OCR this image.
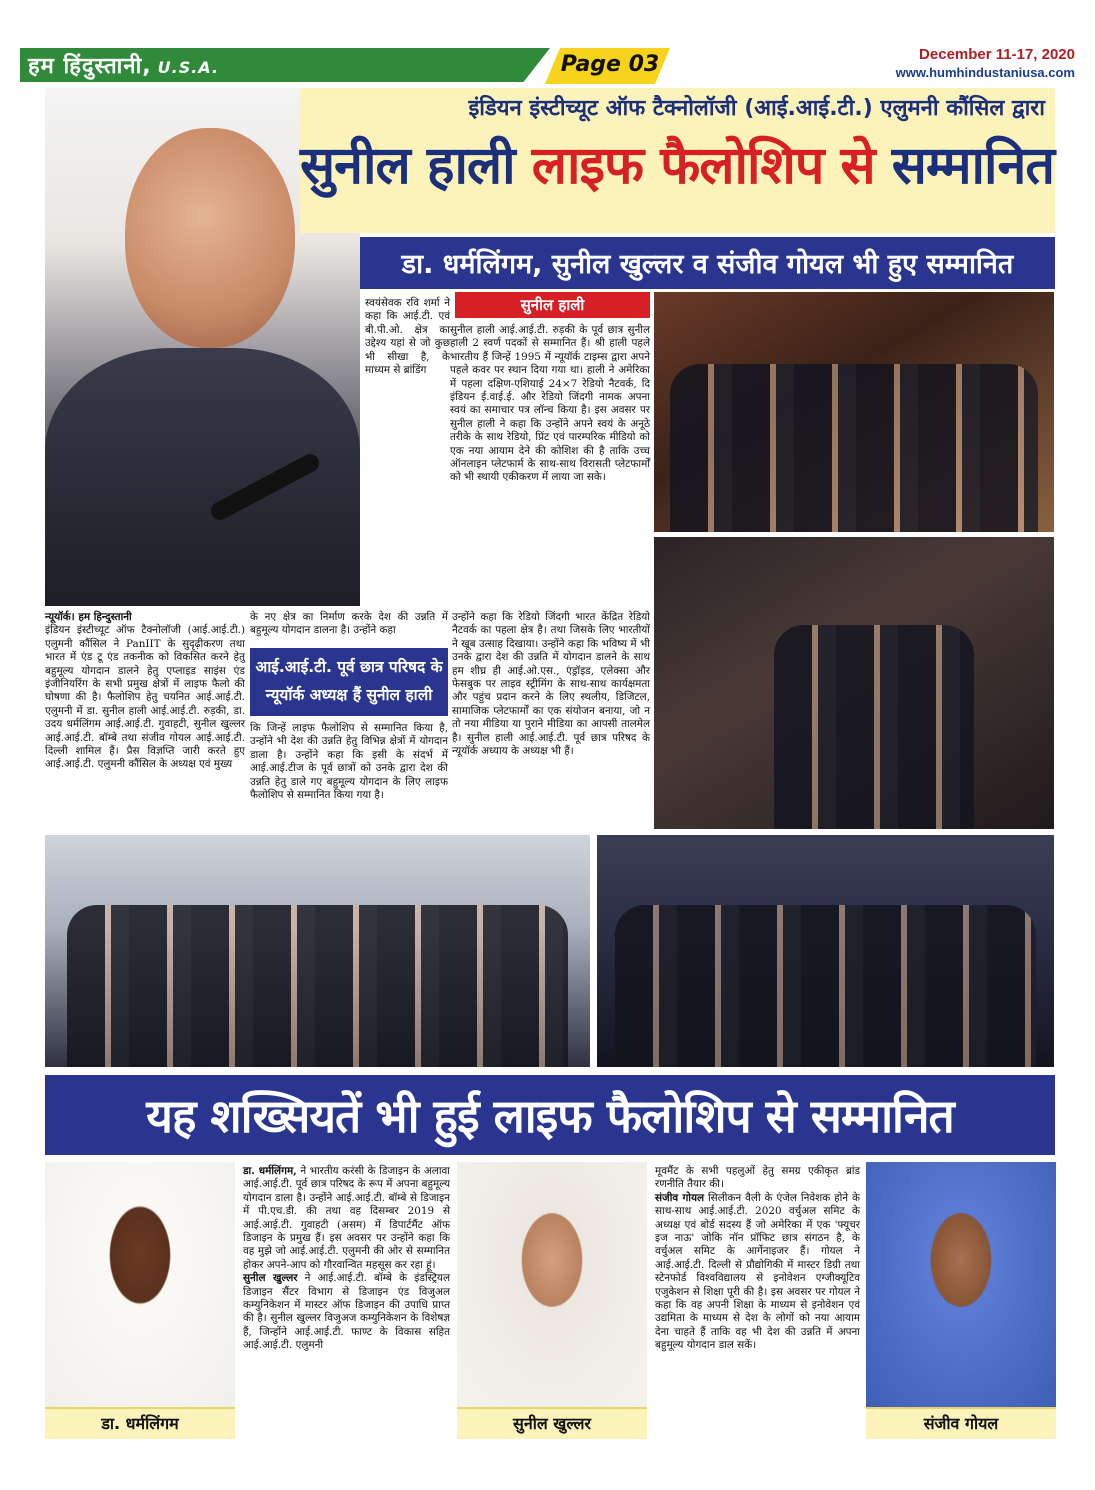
हम हिंदुस्तानी, U.S.A.	Page 03	December 11-17, 2020
www.humhindustaniusa.com
इंडियन इंस्टीच्यूट ऑफ टैक्नोलॉजी (आई.आई.टी.) एलुमनी कौंसिल द्वारा
सुनील हाली लाइफ फैलोशिप से सम्मानित
डा. धर्मलिंगम, सुनील खुल्लर व संजीव गोयल भी हुए सम्मानित
स्वयंसेवक रवि शर्मा ने कहा कि आई.टी. एवं बी.पी.ओ. क्षेत्र का उद्देश्य यहां से जो कुछ भी सीखा है, के माध्यम से ब्रांडिंग
सुनील हाली
सुनील हाली आई.आई.टी. रुड़की के पूर्व छात्र सुनील हाली 2 स्वर्ण पदकों से सम्मानित हैं। श्री हाली पहले भारतीय हैं जिन्हें 1995 में न्यूयॉर्क टाइम्स द्वारा अपने पहले कवर पर स्थान दिया गया था। हाली ने अमेरिका में पहला दक्षिण-एशियाई 24×7 रेडियो नैटवर्क, दि इंडियन ई.वाई.ई. और रेडियो जिंदगी नामक अपना स्वयं का समाचार पत्र लॉन्च किया है। इस अवसर पर सुनील हाली ने कहा कि उन्होंने अपने स्वयं के अनूठे तरीके के साथ रेडियो, प्रिंट एवं पारम्परिक मीडियो को एक नया आयाम देने की कोशिश की है ताकि उच्च ऑनलाइन प्लेटफार्म के साथ-साथ विरासती प्लेटफार्मों को भी स्थायी एकीकरण में लाया जा सके।
न्यूयॉर्क। हम हिन्दुस्तानी
इंडियन इंस्टीच्यूट ऑफ टैक्नोलॉजी (आई.आई.टी.) एलुमनी कौंसिल ने PanIIT के सुदृढ़ीकरण तथा भारत में एंड टू एंड तकनीक को विकसित करने हेतु बहुमूल्य योगदान डालने हेतु एप्लाइड साइंस एंड इंजीनियरिंग के सभी प्रमुख क्षेत्रों में लाइफ फैलो की घोषणा की है। फैलोशिप हेतु चयनित आई.आई.टी. एलुमनी में डा. सुनील हाली आई.आई.टी. रुड़की, डा. उदय धर्मलिंगम आई.आई.टी. गुवाहटी, सुनील खुल्लर आई.आई.टी. बॉम्बे तथा संजीव गोयल आई.आई.टी. दिल्ली शामिल हैं। प्रैस विज्ञप्ति जारी करते हुए आई.आई.टी. एलुमनी कौंसिल के अध्यक्ष एवं मुख्य
के नए क्षेत्र का निर्माण करके देश की उन्नति में बहुमूल्य योगदान डालना है। उन्होंने कहा
आई.आई.टी. पूर्व छात्र परिषद के न्यूयॉर्क अध्यक्ष हैं सुनील हाली
कि जिन्हें लाइफ फैलोशिप से सम्मानित किया है, उन्होंने भी देश की उन्नति हेतु विभिन्न क्षेत्रों में योगदान डाला है। उन्होंने कहा कि इसी के संदर्भ में आई.आई.टीज के पूर्व छात्रों को उनके द्वारा देश की उन्नति हेतु डाले गए बहुमूल्य योगदान के लिए लाइफ फैलोशिप से सम्मानित किया गया है।
उन्होंने कहा कि रेडियो जिंदगी भारत केंद्रित रेडियो नैटवर्क का पहला क्षेत्र है। तथा जिसके लिए भारतीयों ने खूब उत्साह दिखाया। उन्होंने कहा कि भविष्य में भी उनके द्वारा देश की उन्नति में योगदान डालने के साथ हम शीघ्र ही आई.ओ.एस., एंड्रॉइड, एलेक्सा और फेसबुक पर लाइव स्ट्रीमिंग के साथ-साथ कार्यक्षमता और पहुंच प्रदान करने के लिए स्थलीय, डिजिटल, सामाजिक प्लेटफार्मों का एक संयोजन बनाया, जो न तो नया मीडिया या पुराने मीडिया का आपसी तालमेल है। सुनील हाली आई.आई.टी. पूर्व छात्र परिषद के न्यूयॉर्क अध्याय के अध्यक्ष भी हैं।
यह शख्सियतें भी हुई लाइफ फैलोशिप से सम्मानित
डा. धर्मलिंगम	सुनील खुल्लर	संजीव गोयल
डा. धर्मलिंगम, ने भारतीय करंसी के डिजाइन के अलावा आई.आई.टी. पूर्व छात्र परिषद के रूप में अपना बहुमूल्य योगदान डाला है। उन्होंने आई.आई.टी. बॉम्बे से डिजाइन में पी.एच.डी. की तथा वह दिसम्बर 2019 से आई.आई.टी. गुवाहटी (असम) में डिपार्टमैंट ऑफ डिजाइन के प्रमुख हैं। इस अवसर पर उन्होंने कहा कि वह मुझे जो आई.आई.टी. एलुमनी की ओर से सम्मानित होकर अपने-आप को गौरवान्वित महसूस कर रहा हूं।
सुनील खुल्लर ने आई.आई.टी. बॉम्बे के इंडस्ट्रियल डिजाइन सैंटर विभाग से डिजाइन एंड विजुअल कम्युनिकेशन में मास्टर ऑफ डिजाइन की उपाधि प्राप्त की है। सुनील खुल्लर विजुअज कम्युनिकेशन के विशेषज्ञ हैं, जिन्होंने आई.आई.टी. फाण्ट के विकास सहित आई.आई.टी. एलुमनी
मूवमैंट के सभी पहलुओं हेतु समग्र एकीकृत ब्रांड रणनीति तैयार की।
संजीव गोयल सिलीकन वैली के एंजेल निवेशक होने के साथ-साथ आई.आई.टी. 2020 वर्चुअल समिट के अध्यक्ष एवं बोर्ड सदस्य हैं जो अमेरिका में एक 'फ्यूचर इज नाऊ' जोकि नॉन प्रॉफिट छात्र संगठन है, के वर्चुअल समिट के आर्गेनाइजर हैं। गोयल ने आई.आई.टी. दिल्ली से प्रौद्योगिकी में मास्टर डिग्री तथा स्टेनफोर्ड विश्वविद्यालय से इनोवेशन एग्जीक्यूटिव एजुकेशन से शिक्षा पूरी की है। इस अवसर पर गोयल ने कहा कि वह अपनी शिक्षा के माध्यम से इनोवेशन एवं उद्यमिता के माध्यम से देश के लोगों को नया आयाम देना चाहते हैं ताकि वह भी देश की उन्नति में अपना बहुमूल्य योगदान डाल सकें।
